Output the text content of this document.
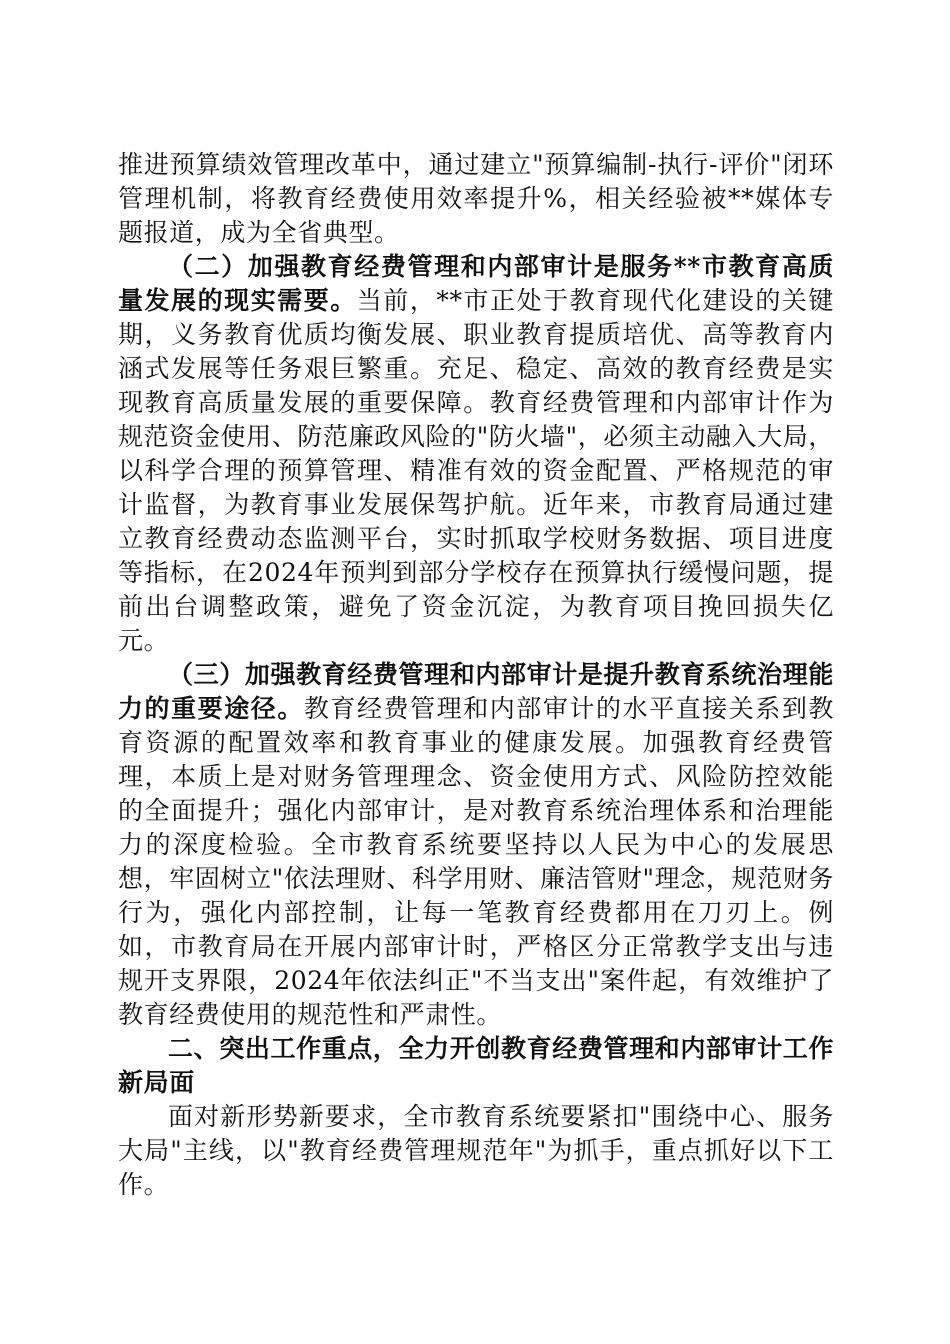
推进预算绩效管理改革中，通过建立"预算编制-执行-评价"闭环管理机制，将教育经费使用效率提升%，相关经验被**媒体专题报道，成为全省典型。

（二）加强教育经费管理和内部审计是服务**市教育高质量发展的现实需要。当前，**市正处于教育现代化建设的关键期，义务教育优质均衡发展、职业教育提质培优、高等教育内涵式发展等任务艰巨繁重。充足、稳定、高效的教育经费是实现教育高质量发展的重要保障。教育经费管理和内部审计作为规范资金使用、防范廉政风险的"防火墙"，必须主动融入大局，以科学合理的预算管理、精准有效的资金配置、严格规范的审计监督，为教育事业发展保驾护航。近年来，市教育局通过建立教育经费动态监测平台，实时抓取学校财务数据、项目进度等指标，在2024年预判到部分学校存在预算执行缓慢问题，提前出台调整政策，避免了资金沉淀，为教育项目挽回损失亿元。

（三）加强教育经费管理和内部审计是提升教育系统治理能力的重要途径。教育经费管理和内部审计的水平直接关系到教育资源的配置效率和教育事业的健康发展。加强教育经费管理，本质上是对财务管理理念、资金使用方式、风险防控效能的全面提升；强化内部审计，是对教育系统治理体系和治理能力的深度检验。全市教育系统要坚持以人民为中心的发展思想，牢固树立"依法理财、科学用财、廉洁管财"理念，规范财务行为，强化内部控制，让每一笔教育经费都用在刀刃上。例如，市教育局在开展内部审计时，严格区分正常教学支出与违规开支界限，2024年依法纠正"不当支出"案件起，有效维护了教育经费使用的规范性和严肃性。

二、突出工作重点，全力开创教育经费管理和内部审计工作新局面

面对新形势新要求，全市教育系统要紧扣"围绕中心、服务大局"主线，以"教育经费管理规范年"为抓手，重点抓好以下工作。
